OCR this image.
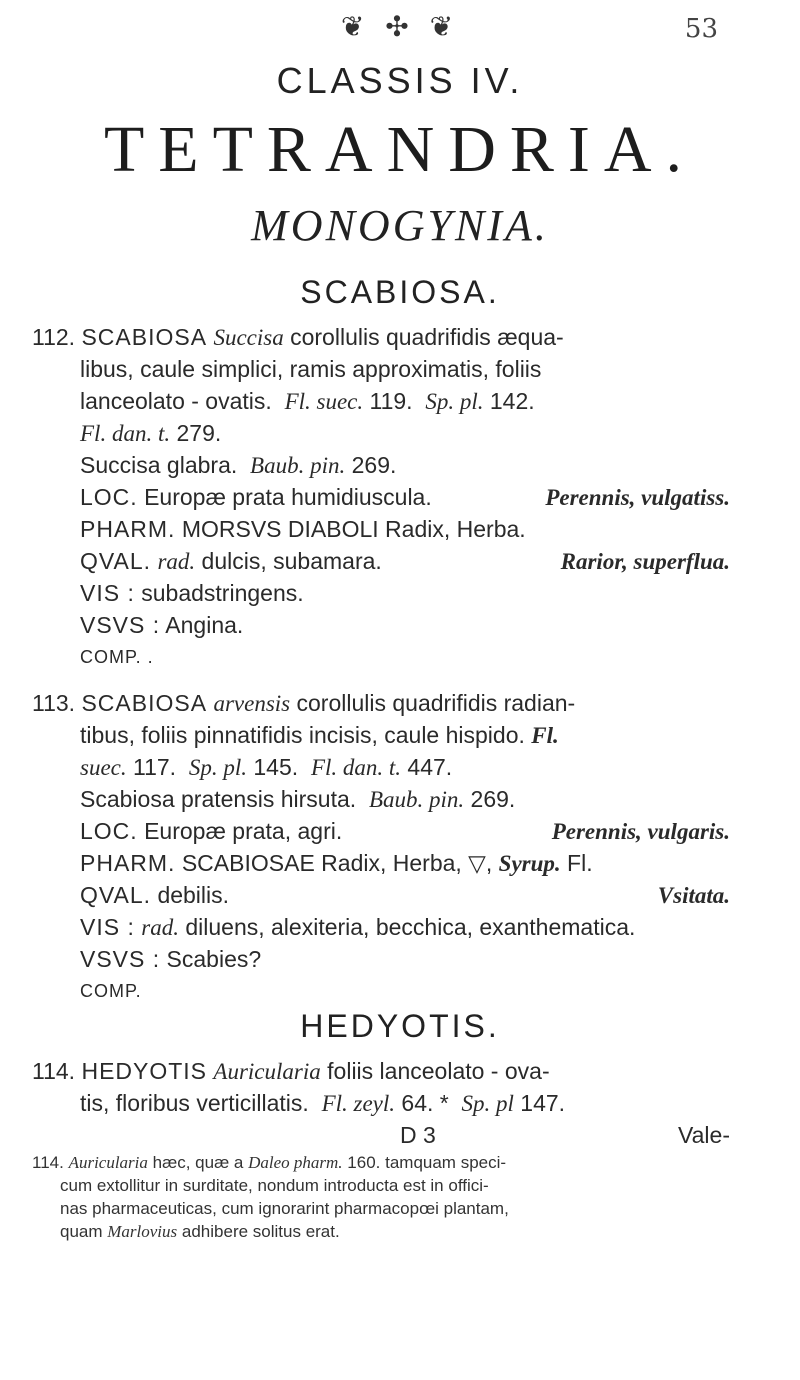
❦ ✣ ❦	53
CLASSIS IV.
TETRANDRIA.
MONOGYNIA.
SCABIOSA.
112. SCABIOSA Succisa corollulis quadrifidis æqua-
libus, caule simplici, ramis approximatis, foliis
lanceolato - ovatis. Fl. suec. 119. Sp. pl. 142.
Fl. dan. t. 279.
Succisa glabra. Baub. pin. 269.
LOC. Europæ prata humidiuscula.	Perennis, vulgatiss.
PHARM. MORSVS DIABOLI Radix, Herba.
QVAL. rad. dulcis, subamara.	Rarior, superflua.
VIS : subadstringens.
VSVS : Angina.
COMP. .
113. SCABIOSA arvensis corollulis quadrifidis radian-
tibus, foliis pinnatifidis incisis, caule hispido. Fl.
suec. 117. Sp. pl. 145. Fl. dan. t. 447.
Scabiosa pratensis hirsuta. Baub. pin. 269.
LOC. Europæ prata, agri.	Perennis, vulgaris.
PHARM. SCABIOSAE Radix, Herba, ▽, Syrup. Fl.
QVAL. debilis.	Vsitata.
VIS : rad. diluens, alexiteria, becchica, exanthematica.
VSVS : Scabies?
COMP.
HEDYOTIS.
114. HEDYOTIS Auricularia foliis lanceolato - ova-
tis, floribus verticillatis. Fl. zeyl. 64. * Sp. pl 147.
D 3	Vale-
114. Auricularia hæc, quæ a Daleo pharm. 160. tamquam speci-
cum extollitur in surditate, nondum introducta est in offici-
nas pharmaceuticas, cum ignorarint pharmacopœi plantam,
quam Marlovius adhibere solitus erat.
